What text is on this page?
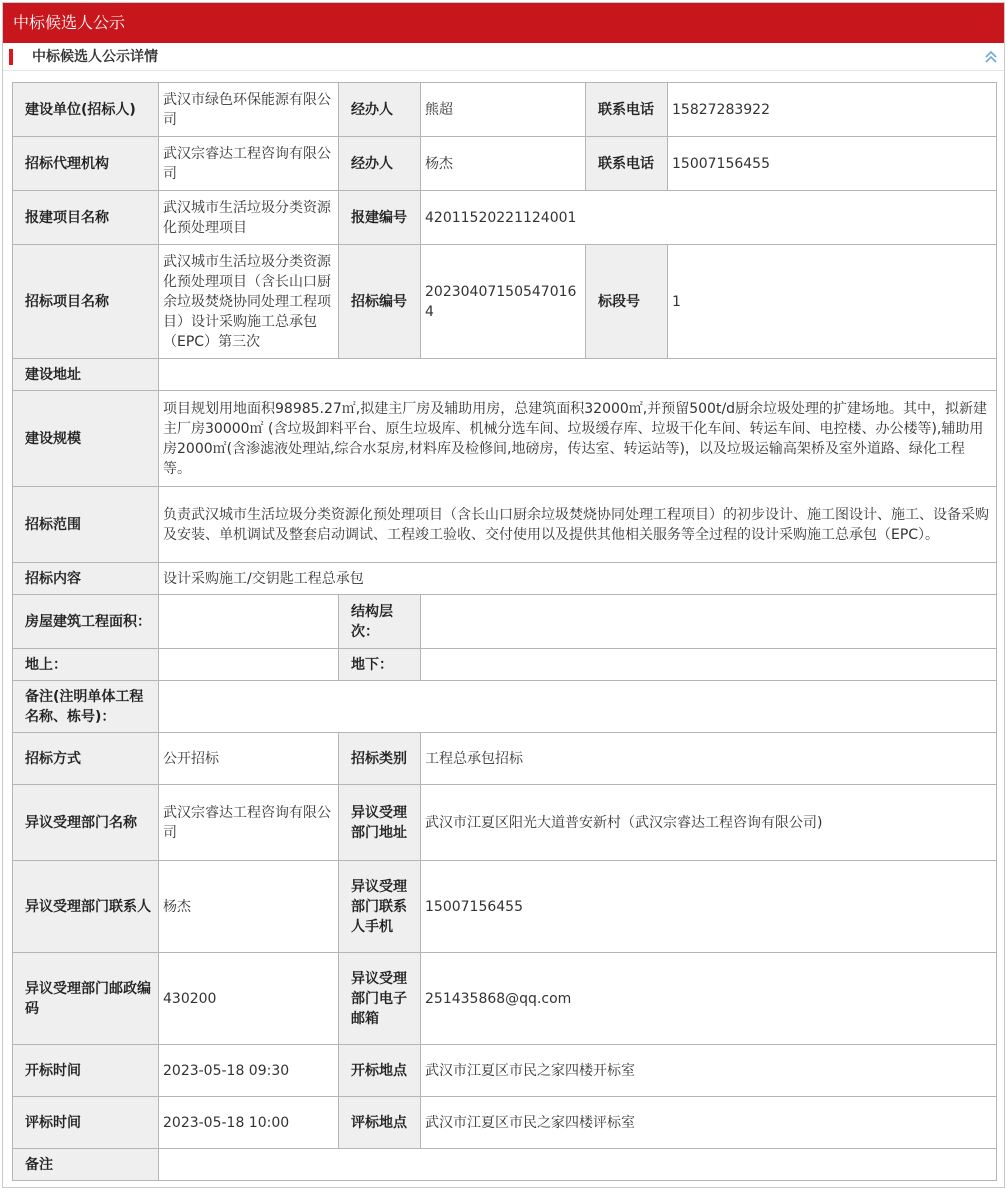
中标候选人公示
中标候选人公示详情
建设单位(招标人)	武汉市绿色环保能源有限公司	经办人	熊超	联系电话	15827283922
招标代理机构	武汉宗睿达工程咨询有限公司	经办人	杨杰	联系电话	15007156455
报建项目名称	武汉城市生活垃圾分类资源化预处理项目	报建编号	42011520221124001		
招标项目名称	武汉城市生活垃圾分类资源化预处理项目（含长山口厨余垃圾焚烧协同处理工程项目）设计采购施工总承包（EPC）第三次	招标编号	202304071505470164	标段号	1
建设地址					
建设规模	项目规划用地面积98985.27㎡,拟建主厂房及辅助用房，总建筑面积32000㎡,并预留500t/d厨余垃圾处理的扩建场地。其中，拟新建主厂房30000㎡ (含垃圾卸料平台、原生垃圾库、机械分选车间、垃圾缓存库、垃圾干化车间、转运车间、电控楼、办公楼等),辅助用房2000㎡(含渗滤液处理站,综合水泵房,材料库及检修间,地磅房，传达室、转运站等)，以及垃圾运输高架桥及室外道路、绿化工程等。				
招标范围	负责武汉城市生活垃圾分类资源化预处理项目（含长山口厨余垃圾焚烧协同处理工程项目）的初步设计、施工图设计、施工、设备采购及安装、单机调试及整套启动调试、工程竣工验收、交付使用以及提供其他相关服务等全过程的设计采购施工总承包（EPC）。				
招标内容	设计采购施工/交钥匙工程总承包				
房屋建筑工程面积：		结构层次：			
地上：		地下：			
备注(注明单体工程名称、栋号)：					
招标方式	公开招标	招标类别	工程总承包招标		
异议受理部门名称	武汉宗睿达工程咨询有限公司	异议受理部门地址	武汉市江夏区阳光大道普安新村（武汉宗睿达工程咨询有限公司)		
异议受理部门联系人	杨杰	异议受理部门联系人手机	15007156455		
异议受理部门邮政编码	430200	异议受理部门电子邮箱	251435868@qq.com		
开标时间	2023-05-18 09:30	开标地点	武汉市江夏区市民之家四楼开标室		
评标时间	2023-05-18 10:00	评标地点	武汉市江夏区市民之家四楼评标室		
备注					
